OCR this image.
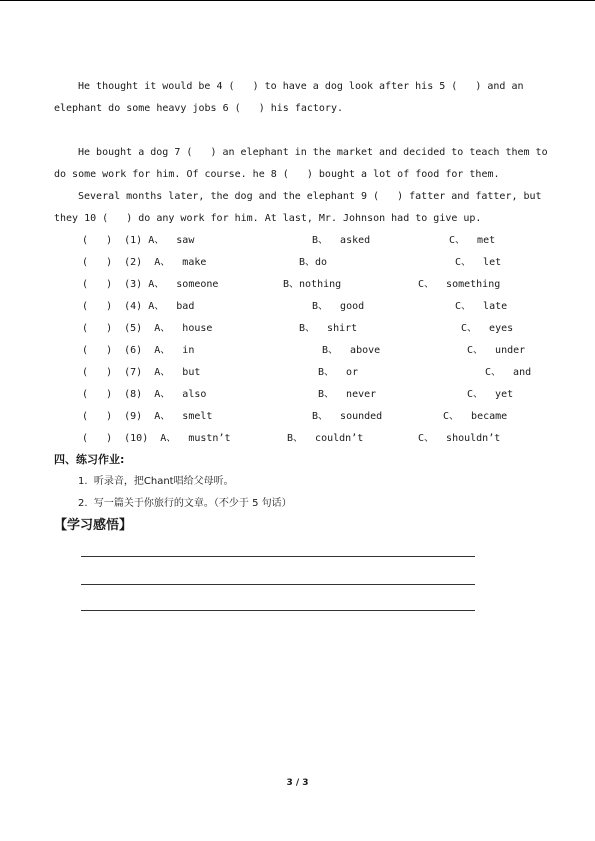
He thought it would be 4 (   ) to have a dog look after his 5 (   ) and an
elephant do some heavy jobs 6 (   ) his factory.
He bought a dog 7 (   ) an elephant in the market and decided to teach them to
do some work for him. Of course. he 8 (   ) bought a lot of food for them.
Several months later, the dog and the elephant 9 (   ) fatter and fatter, but
they 10 (   ) do any work for him. At last, Mr. Johnson had to give up.
(   )  (1) A、  saw	B、  asked	C、  met
(   )  (2)  A、  make	B、do	C、  let
(   )  (3) A、  someone	B、nothing	C、  something
(   )  (4) A、  bad	B、  good	C、  late
(   )  (5)  A、  house	B、  shirt	C、  eyes
(   )  (6)  A、  in	B、  above	C、  under
(   )  (7)  A、  but	B、  or	C、  and
(   )  (8)  A、  also	B、  never	C、  yet
(   )  (9)  A、  smelt	B、  sounded	C、  became
(   )  (10)  A、  mustn’t	B、  couldn’t	C、  shouldn’t
四、练习作业:
1.  听录音，把Chant唱给父母听。
2.  写一篇关于你旅行的文章。（不少于 5 句话）
【学习感悟】
3 / 3
